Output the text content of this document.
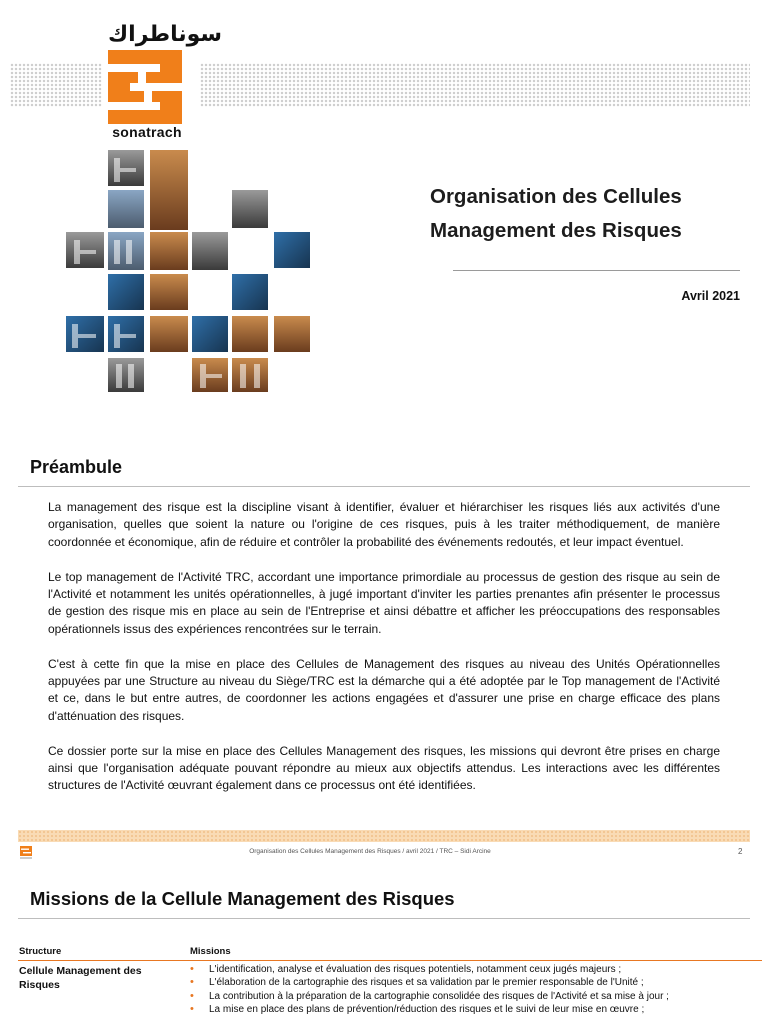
سوناطراك
sonatrach
Organisation des Cellules
Management des Risques
Avril 2021
Préambule

La management des risque est la discipline visant à identifier, évaluer et hiérarchiser les risques liés aux activités d'une organisation, quelles que soient la nature ou l'origine de ces risques, puis à les traiter méthodiquement, de manière coordonnée et économique, afin de réduire et contrôler la probabilité des événements redoutés, et leur impact éventuel.

Le top management de l'Activité TRC, accordant une importance primordiale au processus de gestion des risque au sein de l'Activité et notamment les unités opérationnelles, à jugé important d'inviter les parties prenantes afin présenter le processus de gestion des risque mis en place au sein de l'Entreprise et ainsi débattre et afficher les préoccupations des responsables opérationnels issus des expériences rencontrées sur le terrain.

C'est à cette fin que la mise en place des Cellules de Management des risques au niveau des Unités Opérationnelles appuyées par une Structure au niveau du Siège/TRC est la démarche qui a été adoptée par le Top management de l'Activité et ce, dans le but entre autres, de coordonner les actions engagées et d'assurer une prise en charge efficace des plans d'atténuation des risques.

Ce dossier porte sur la mise en place des Cellules Management des risques, les missions qui devront être prises en charge ainsi que l'organisation adéquate pouvant répondre au mieux aux objectifs attendus. Les interactions avec les différentes structures de l'Activité œuvrant également dans ce processus ont été identifiées.

Organisation des Cellules Management des Risques / avril 2021 / TRC – Sidi Arcine	2
Missions de la Cellule Management des Risques
Structure	Missions
Cellule Management des Risques
• L'identification, analyse et évaluation des risques potentiels, notamment ceux jugés majeurs ;
• L'élaboration de la cartographie des risques et sa validation par le premier responsable de l'Unité ;
• La contribution à la préparation de la cartographie consolidée des risques de l'Activité et sa mise à jour ;
• La mise en place des plans de prévention/réduction des risques et le suivi de leur mise en œuvre ;
